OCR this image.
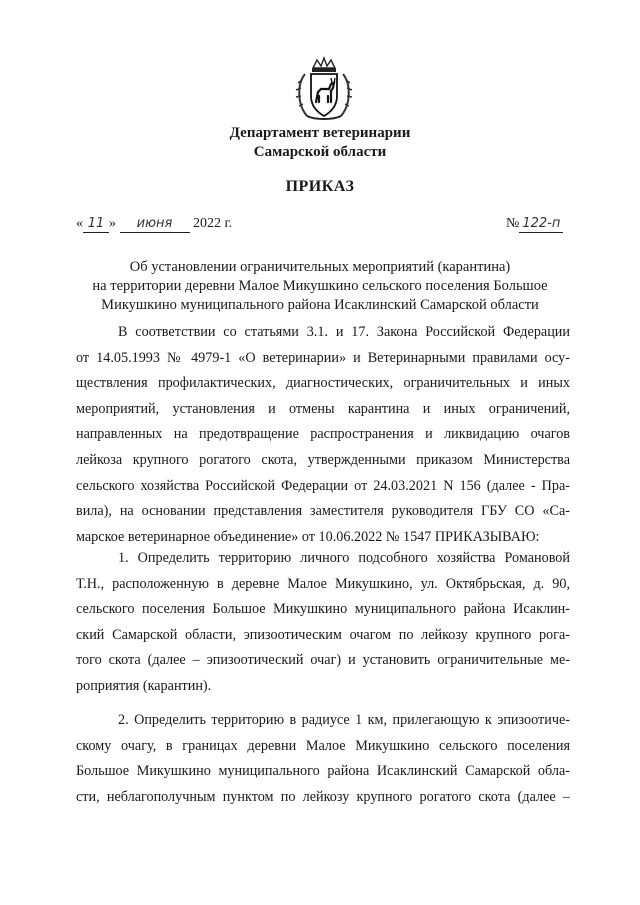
Департамент ветеринарии
Самарской области
ПРИКАЗ
« 11 » июня 2022 г.	№ 122-п
Об установлении ограничительных мероприятий (карантина)
на территории деревни Малое Микушкино сельского поселения Большое
Микушкино муниципального района Исаклинский Самарской области
В соответствии со статьями 3.1. и 17. Закона Российской Федерации
от 14.05.1993 № 4979-1 «О ветеринарии» и Ветеринарными правилами осу-
ществления профилактических, диагностических, ограничительных и иных
мероприятий, установления и отмены карантина и иных ограничений,
направленных на предотвращение распространения и ликвидацию очагов
лейкоза крупного рогатого скота, утвержденными приказом Министерства
сельского хозяйства Российской Федерации от 24.03.2021 N 156 (далее - Пра-
вила), на основании представления заместителя руководителя ГБУ СО «Са-
марское ветеринарное объединение» от 10.06.2022 № 1547 ПРИКАЗЫВАЮ:
1. Определить территорию личного подсобного хозяйства Романовой
Т.Н., расположенную в деревне Малое Микушкино, ул. Октябрьская, д. 90,
сельского поселения Большое Микушкино муниципального района Исаклин-
ский Самарской области, эпизоотическим очагом по лейкозу крупного рога-
того скота (далее – эпизоотический очаг) и установить ограничительные ме-
роприятия (карантин).
2. Определить территорию в радиусе 1 км, прилегающую к эпизоотиче-
скому очагу, в границах деревни Малое Микушкино сельского поселения
Большое Микушкино муниципального района Исаклинский Самарской обла-
сти, неблагополучным пунктом по лейкозу крупного рогатого скота (далее –
